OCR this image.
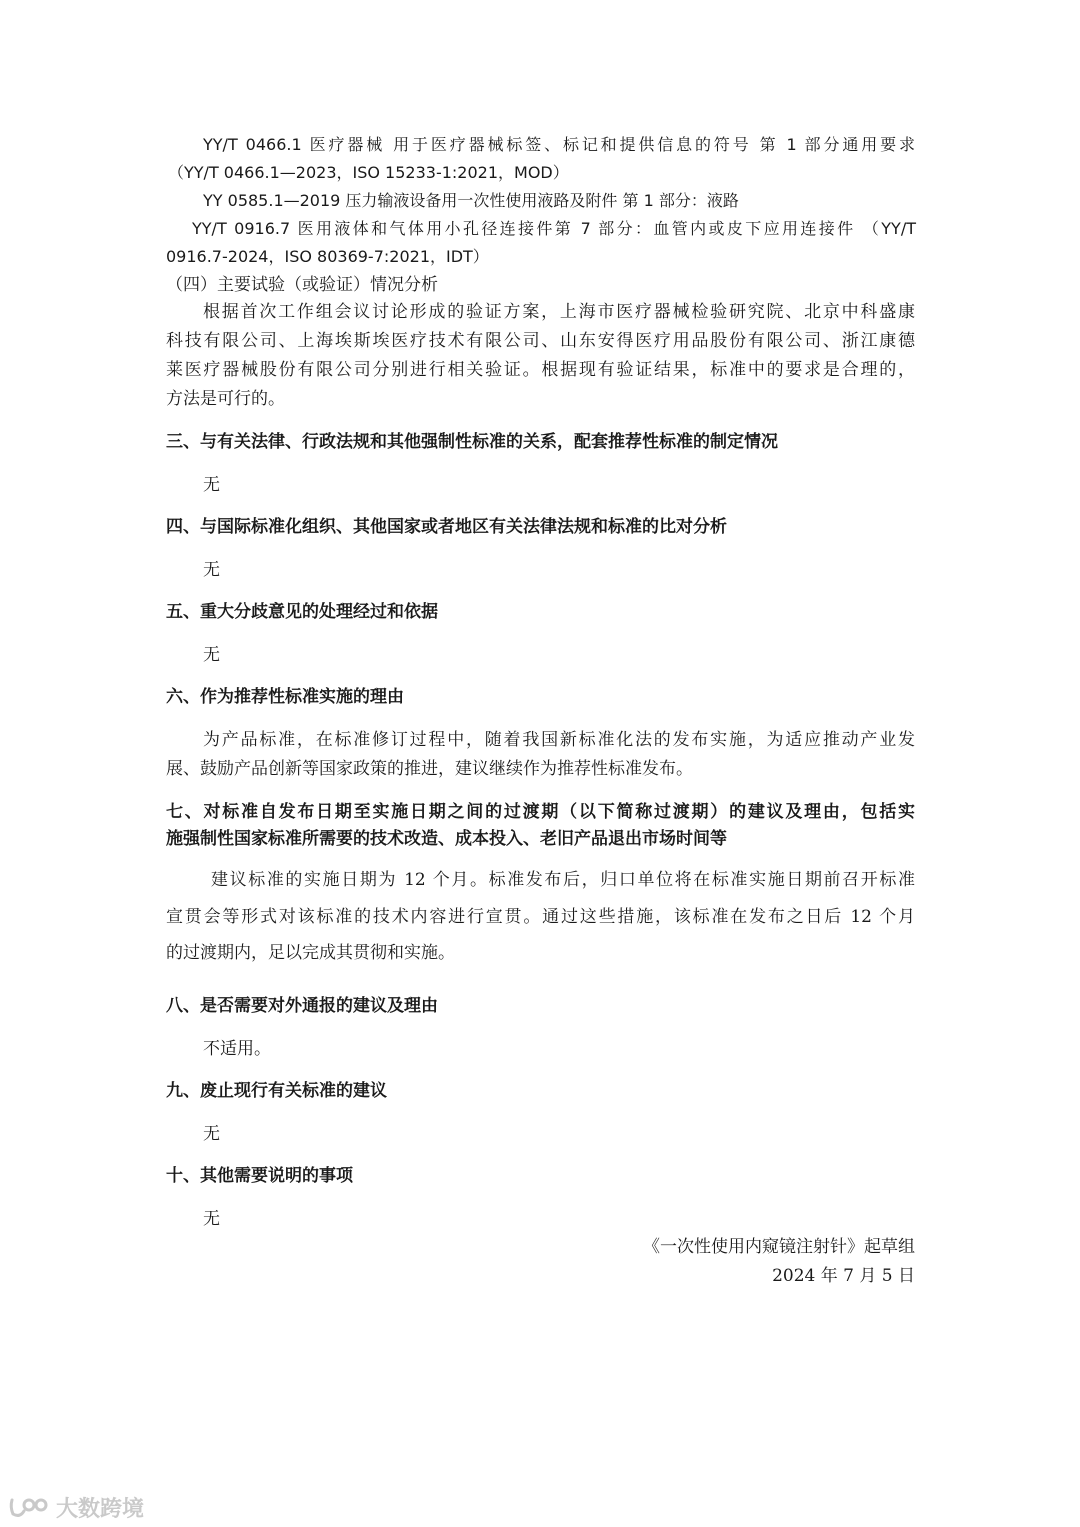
YY/T 0466.1 医疗器械 用于医疗器械标签、标记和提供信息的符号 第 1 部分通用要求
（YY/T 0466.1—2023，ISO 15233-1:2021，MOD）
YY 0585.1—2019 压力输液设备用一次性使用液路及附件 第 1 部分：液路
YY/T 0916.7 医用液体和气体用小孔径连接件第 7 部分：血管内或皮下应用连接件 （YY/T
0916.7-2024，ISO 80369-7:2021，IDT）
（四）主要试验（或验证）情况分析
根据首次工作组会议讨论形成的验证方案，上海市医疗器械检验研究院、北京中科盛康
科技有限公司、上海埃斯埃医疗技术有限公司、山东安得医疗用品股份有限公司、浙江康德
莱医疗器械股份有限公司分别进行相关验证。根据现有验证结果，标准中的要求是合理的，
方法是可行的。
三、与有关法律、行政法规和其他强制性标准的关系，配套推荐性标准的制定情况
无
四、与国际标准化组织、其他国家或者地区有关法律法规和标准的比对分析
无
五、重大分歧意见的处理经过和依据
无
六、作为推荐性标准实施的理由
为产品标准，在标准修订过程中，随着我国新标准化法的发布实施，为适应推动产业发
展、鼓励产品创新等国家政策的推进，建议继续作为推荐性标准发布。
七、对标准自发布日期至实施日期之间的过渡期（以下简称过渡期）的建议及理由，包括实
施强制性国家标准所需要的技术改造、成本投入、老旧产品退出市场时间等
建议标准的实施日期为 12 个月。标准发布后，归口单位将在标准实施日期前召开标准
宣贯会等形式对该标准的技术内容进行宣贯。通过这些措施，该标准在发布之日后 12 个月
的过渡期内，足以完成其贯彻和实施。
八、是否需要对外通报的建议及理由
不适用。
九、废止现行有关标准的建议
无
十、其他需要说明的事项
无
《一次性使用内窥镜注射针》起草组
2024 年 7 月 5 日
大数跨境
